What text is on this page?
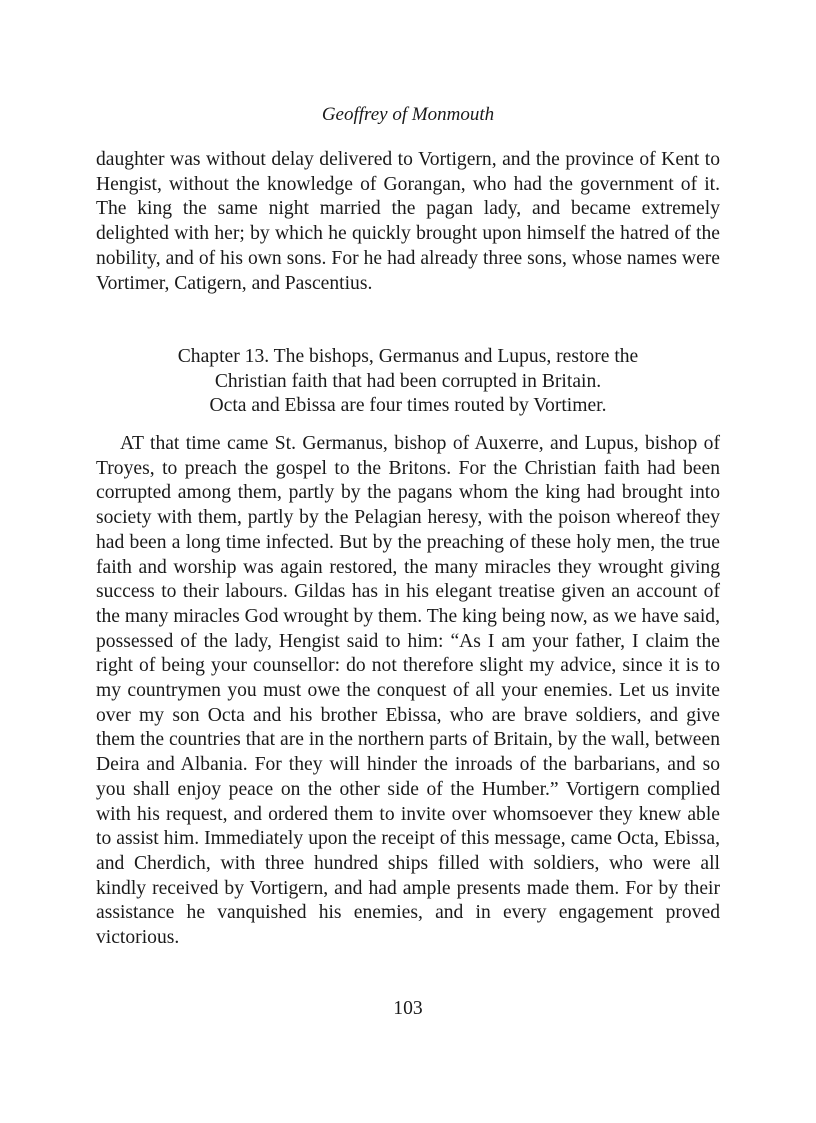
Geoffrey of Monmouth

daughter was without delay delivered to Vortigern, and the province of Kent to Hengist, without the knowledge of Gorangan, who had the government of it. The king the same night married the pagan lady, and became extremely delighted with her; by which he quickly brought upon himself the hatred of the nobility, and of his own sons. For he had already three sons, whose names were Vortimer, Catigern, and Pascentius.

Chapter 13. The bishops, Germanus and Lupus, restore the
Christian faith that had been corrupted in Britain.
Octa and Ebissa are four times routed by Vortimer.

AT that time came St. Germanus, bishop of Auxerre, and Lupus, bishop of Troyes, to preach the gospel to the Britons. For the Christian faith had been corrupted among them, partly by the pagans whom the king had brought into society with them, partly by the Pelagian heresy, with the poison whereof they had been a long time infected. But by the preaching of these holy men, the true faith and worship was again restored, the many miracles they wrought giving success to their labours. Gildas has in his elegant treatise given an account of the many miracles God wrought by them. The king being now, as we have said, possessed of the lady, Hengist said to him: “As I am your father, I claim the right of being your counsellor: do not therefore slight my advice, since it is to my countrymen you must owe the conquest of all your enemies. Let us invite over my son Octa and his brother Ebissa, who are brave soldiers, and give them the countries that are in the northern parts of Britain, by the wall, between Deira and Albania. For they will hinder the inroads of the barbarians, and so you shall enjoy peace on the other side of the Humber.” Vortigern complied with his request, and ordered them to invite over whomsoever they knew able to assist him. Immediately upon the receipt of this message, came Octa, Ebissa, and Cherdich, with three hundred ships filled with soldiers, who were all kindly received by Vortigern, and had ample presents made them. For by their assistance he vanquished his enemies, and in every engagement proved victorious.

103
